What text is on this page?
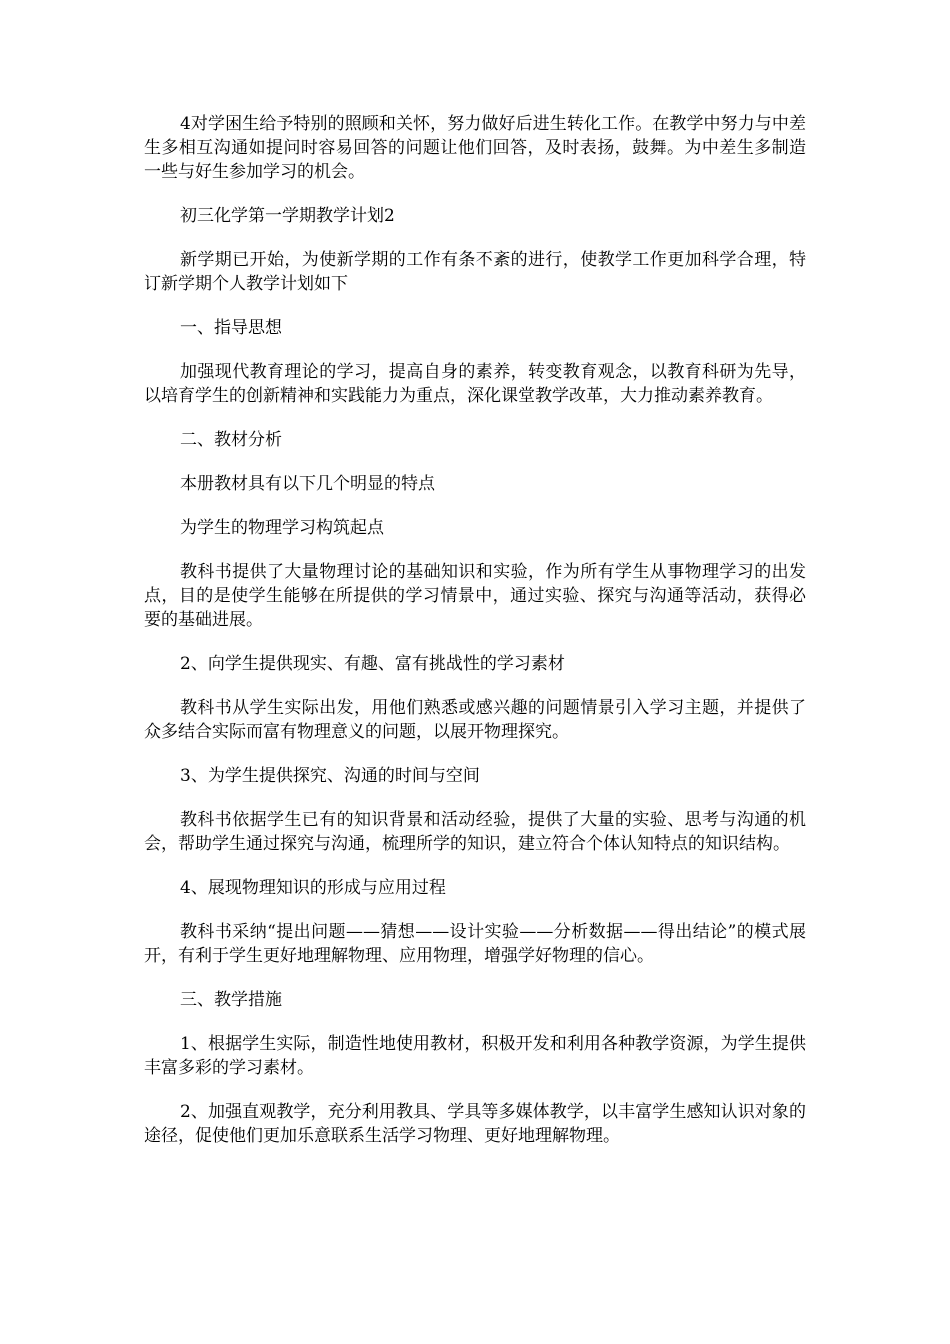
4对学困生给予特别的照顾和关怀，努力做好后进生转化工作。在教学中努力与中差生多相互沟通如提问时容易回答的问题让他们回答，及时表扬，鼓舞。为中差生多制造一些与好生参加学习的机会。

初三化学第一学期教学计划2

新学期已开始，为使新学期的工作有条不紊的进行，使教学工作更加科学合理，特订新学期个人教学计划如下

一、指导思想

加强现代教育理论的学习，提高自身的素养，转变教育观念，以教育科研为先导，以培育学生的创新精神和实践能力为重点，深化课堂教学改革，大力推动素养教育。

二、教材分析

本册教材具有以下几个明显的特点

为学生的物理学习构筑起点

教科书提供了大量物理讨论的基础知识和实验，作为所有学生从事物理学习的出发点，目的是使学生能够在所提供的学习情景中，通过实验、探究与沟通等活动，获得必要的基础进展。

2、向学生提供现实、有趣、富有挑战性的学习素材

教科书从学生实际出发，用他们熟悉或感兴趣的问题情景引入学习主题，并提供了众多结合实际而富有物理意义的问题，以展开物理探究。

3、为学生提供探究、沟通的时间与空间

教科书依据学生已有的知识背景和活动经验，提供了大量的实验、思考与沟通的机会，帮助学生通过探究与沟通，梳理所学的知识，建立符合个体认知特点的知识结构。

4、展现物理知识的形成与应用过程

教科书采纳“提出问题——猜想——设计实验——分析数据——得出结论”的模式展开，有利于学生更好地理解物理、应用物理，增强学好物理的信心。

三、教学措施

1、根据学生实际，制造性地使用教材，积极开发和利用各种教学资源，为学生提供丰富多彩的学习素材。

2、加强直观教学，充分利用教具、学具等多媒体教学，以丰富学生感知认识对象的途径，促使他们更加乐意联系生活学习物理、更好地理解物理。
